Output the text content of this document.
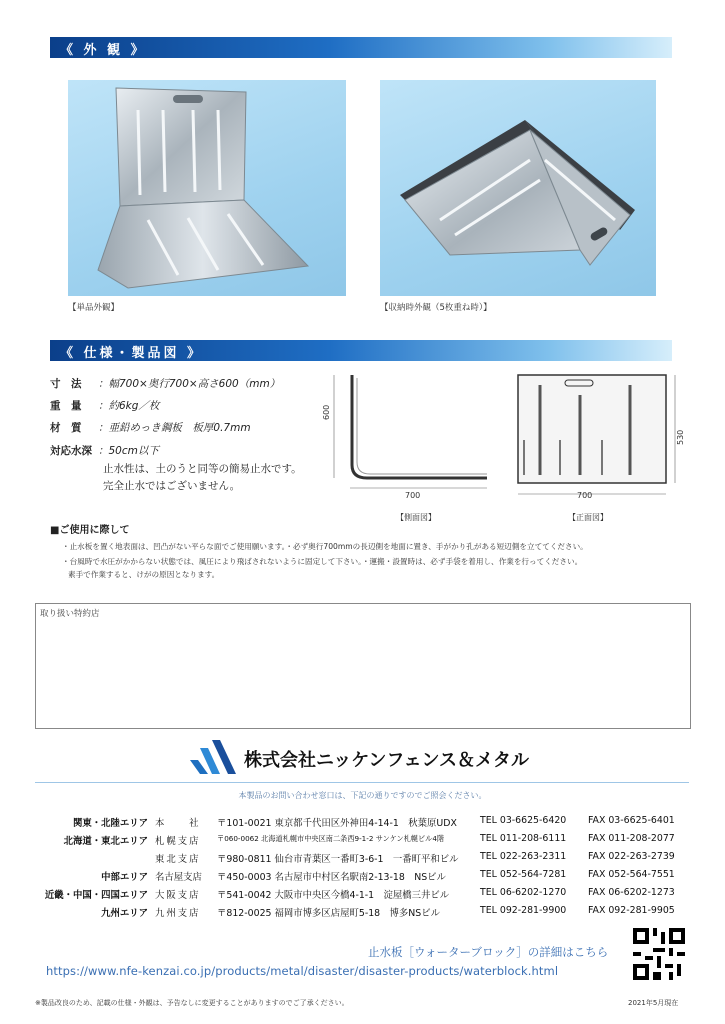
《 外 観 》
【単品外観】	【収納時外観（5枚重ね時）】
《 仕様・製品図 》
寸　法 ：幅700×奥行700×高さ600（mm）
重　量 ：約6kg／枚
材　質 ：亜鉛めっき鋼板　板厚0.7mm
対応水深 ：50cm以下
止水性は、土のうと同等の簡易止水です。
完全止水ではございません。
600
700
【側面図】
530
700
【正面図】
■ご使用に際して
・止水板を置く地表面は、凹凸がない平らな面でご使用願います。・必ず奥行700mmの長辺側を地面に置き、手がかり孔がある短辺側を立ててください。
・台風時で水圧がかからない状態では、風圧により飛ばされないように固定して下さい。・運搬・設置時は、必ず手袋を着用し、作業を行ってください。
素手で作業すると、けがの原因となります。
取り扱い特約店
株式会社ニッケンフェンス＆メタル
本製品のお問い合わせ窓口は、下記の通りですのでご照会ください。
関東・北陸エリア 本　　社	〒101-0021 東京都千代田区外神田4-14-1　秋葉原UDX TEL 03-6625-6420 FAX 03-6625-6401
北海道・東北エリア 札幌支店	〒060-0062 北海道札幌市中央区南二条西9-1-2 サンケン札幌ビル4階	TEL 011-208-6111 FAX 011-208-2077
東北支店	〒980-0811 仙台市青葉区一番町3-6-1　一番町平和ビル TEL 022-263-2311 FAX 022-263-2739
中部エリア 名古屋支店	〒450-0003 名古屋市中村区名駅南2-13-18　NSビル	TEL 052-564-7281 FAX 052-564-7551
近畿・中国・四国エリア 大阪支店	〒541-0042 大阪市中央区今橋4-1-1　淀屋橋三井ビル	TEL 06-6202-1270 FAX 06-6202-1273
九州エリア 九州支店	〒812-0025 福岡市博多区店屋町5-18　博多NSビル	TEL 092-281-9900 FAX 092-281-9905
止水板［ウォーターブロック］の詳細はこちら
https://www.nfe-kenzai.co.jp/products/metal/disaster/disaster-products/waterblock.html
※製品改良のため、記載の仕様・外観は、予告なしに変更することがありますのでご了承ください。	2021年5月現在
